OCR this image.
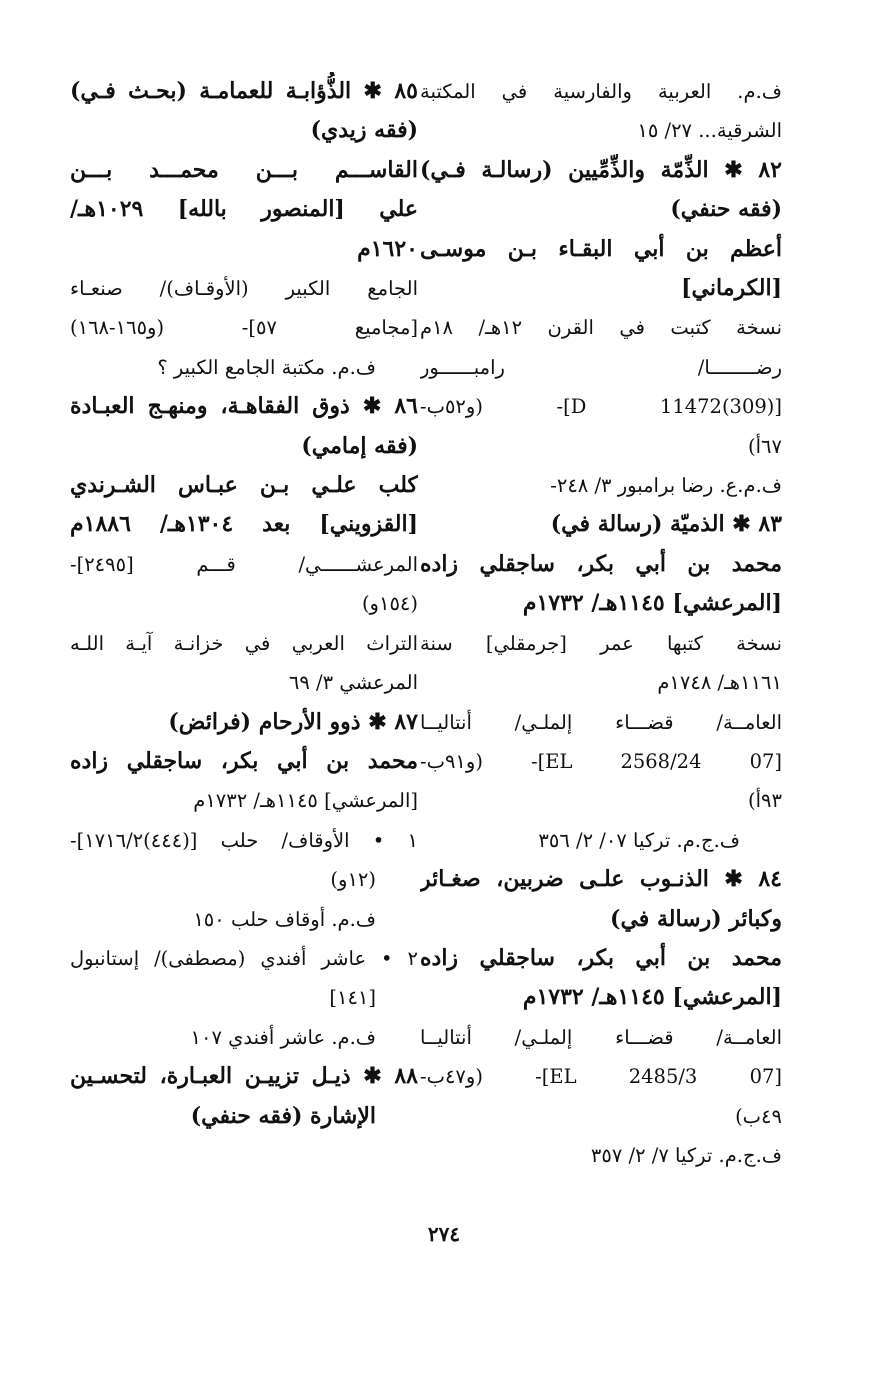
ف.م. العربية والفارسية في المكتبة
الشرقية... ٢٧/ ١٥
٨٢ ✱ الذِّمّة والذِّمِّيين (رسالـة فـي)
(فقه حنفي)
أعظم بن أبي البقـاء بـن موسـى
[الكرماني]
نسخة كتبت في القرن ١٢هـ/ ١٨م
رضــــــــا/ رامبــــــور
[D 11472(309)]- (و٥٢ب-
٦٧أ)
ف.م.ع. رضا برامبور ٣/ ٢٤٨-
٨٣ ✱ الذميّة (رسالة في)
محمد بن أبي بكر، ساجقلي زاده
[المرعشي] ١١٤٥هـ/ ١٧٣٢م
نسخة كتبها عمر [جرمقلي] سنة
١١٦١هـ/ ١٧٤٨م
العامــة/ قضـــاء إلملـي/ أنتاليــا
[07 EL 2568/24]- (و٩١ب-
٩٣أ)
ف.ج.م. تركيا ٠٧/ ٢/ ٣٥٦
٨٤ ✱ الذنـوب علـى ضربين، صغـائر
وكبائر (رسالة في)
محمد بن أبي بكر، ساجقلي زاده
[المرعشي] ١١٤٥هـ/ ١٧٣٢م
العامــة/ قضـــاء إلملـي/ أنتاليــا
[07 EL 2485/3]- (و٤٧ب-
٤٩ب)
ف.ج.م. تركيا ٧/ ٢/ ٣٥٧
٨٥ ✱ الذُّؤابـة للعمامـة (بحـث فـي)
(فقه زيدي)
القاســـم بـــن محمـــد بـــن
علي [المنصور بالله] ١٠٢٩هـ/
١٦٢٠م
الجامع الكبير (الأوقـاف)/ صنعـاء
[مجاميع ٥٧]- (و١٦٥-١٦٨)
ف.م. مكتبة الجامع الكبير ؟
٨٦ ✱ ذوق الفقاهـة، ومنهـج العبـادة
(فقه إمامي)
كلب علـي بـن عبـاس الشـرندي
[القزويني] بعد ١٣٠٤هـ/ ١٨٨٦م
المرعشــــــي/ قـــم [٢٤٩٥]-
(١٥٤و)
التراث العربي في خزانـة آيـة اللـه
المرعشي ٣/ ٦٩
٨٧ ✱ ذوو الأرحام (فرائض)
محمد بن أبي بكر، ساجقلي زاده
[المرعشي] ١١٤٥هـ/ ١٧٣٢م
١ • الأوقاف/ حلب [(٤٤٤)١٧١٦/٢]-
(١٢و)
ف.م. أوقاف حلب ١٥٠
٢ • عاشر أفندي (مصطفى)/ إستانبول
[١٤١]
ف.م. عاشر أفندي ١٠٧
٨٨ ✱ ذيـل تزييـن العبـارة، لتحسـين
الإشارة (فقه حنفي)
٢٧٤
